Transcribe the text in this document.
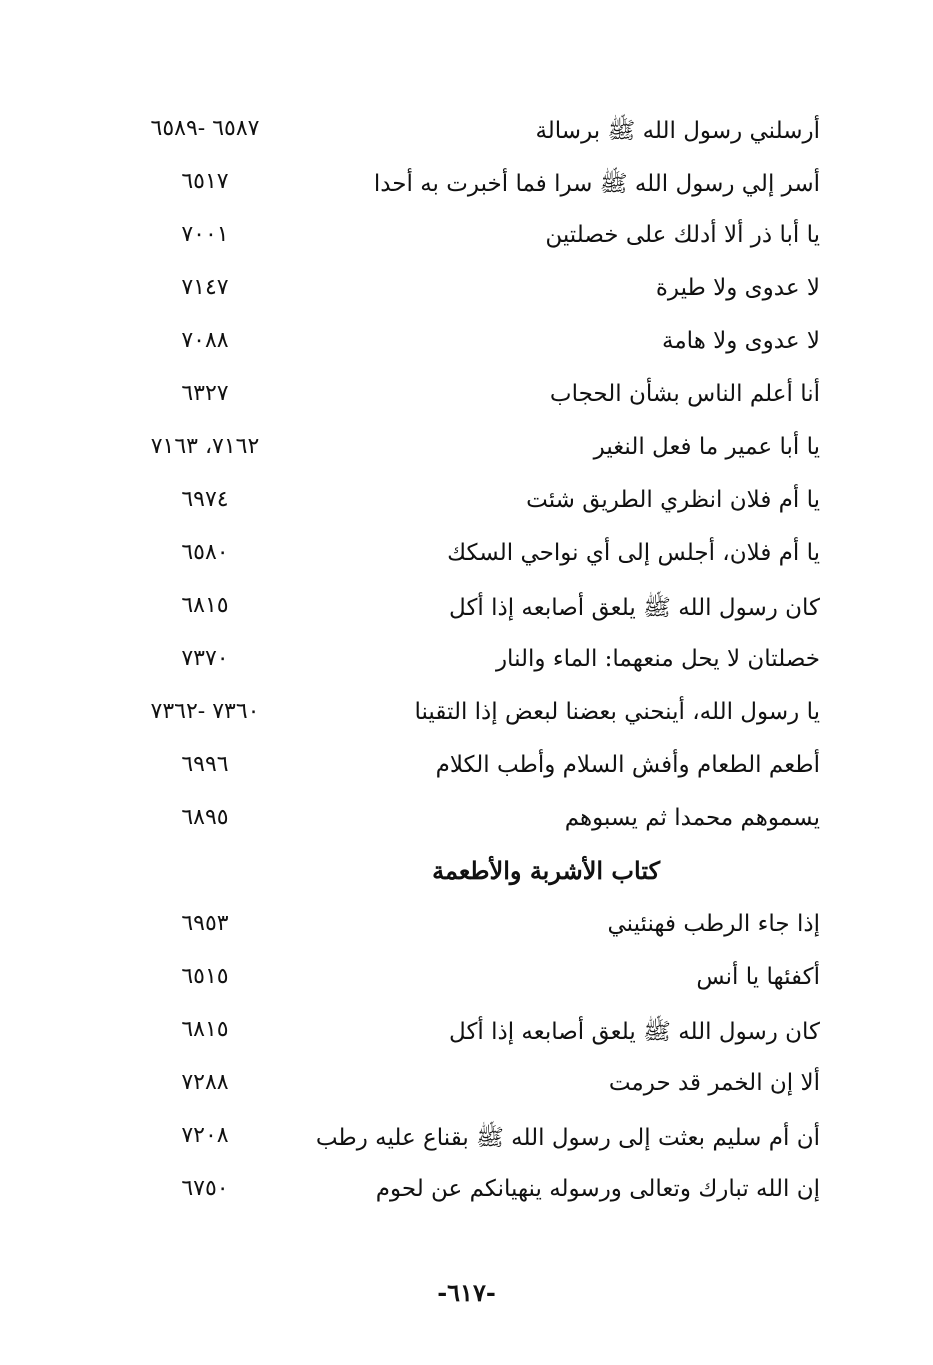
أرسلني رسول الله ﷺ برسالة
٦٥٨٧ -٦٥٨٩
أسر إلي رسول الله ﷺ سرا فما أخبرت به أحدا
٦٥١٧
يا أبا ذر ألا أدلك على خصلتين
٧٠٠١
لا عدوى ولا طيرة
٧١٤٧
لا عدوى ولا هامة
٧٠٨٨
أنا أعلم الناس بشأن الحجاب
٦٣٢٧
يا أبا عمير ما فعل النغير
٧١٦٢، ٧١٦٣
يا أم فلان انظري الطريق شئت
٦٩٧٤
يا أم فلان، أجلس إلى أي نواحي السكك
٦٥٨٠
كان رسول الله ﷺ يلعق أصابعه إذا أكل
٦٨١٥
خصلتان لا يحل منعهما: الماء والنار
٧٣٧٠
يا رسول الله، أينحني بعضنا لبعض إذا التقينا
٧٣٦٠ -٧٣٦٢
أطعم الطعام وأفش السلام وأطب الكلام
٦٩٩٦
يسموهم محمدا ثم يسبوهم
٦٨٩٥
كتاب الأشربة والأطعمة
إذا جاء الرطب فهنئيني
٦٩٥٣
أكفئها يا أنس
٦٥١٥
كان رسول الله ﷺ يلعق أصابعه إذا أكل
٦٨١٥
ألا إن الخمر قد حرمت
٧٢٨٨
أن أم سليم بعثت إلى رسول الله ﷺ بقناع عليه رطب
٧٢٠٨
إن الله تبارك وتعالى ورسوله ينهيانكم عن لحوم
٦٧٥٠
-٦١٧-
